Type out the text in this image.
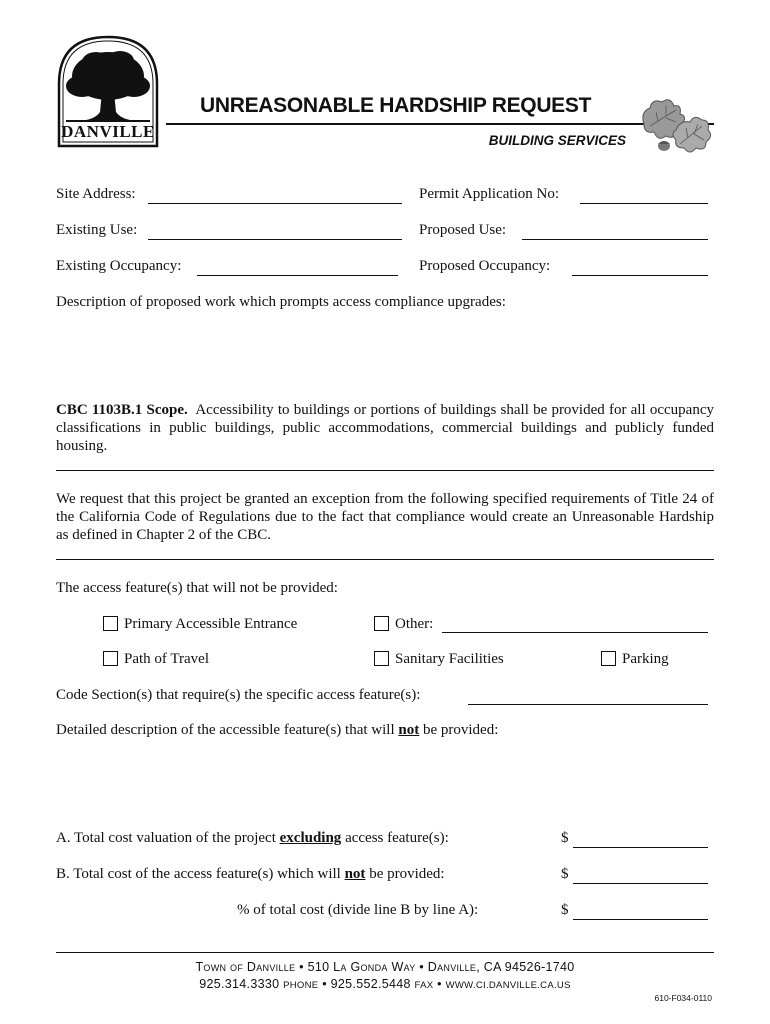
DANVILLE
UNREASONABLE HARDSHIP REQUEST
BUILDING SERVICES
Site Address:	Permit Application No:
Existing Use:	Proposed Use:
Existing Occupancy:	Proposed Occupancy:
Description of proposed work which prompts access compliance upgrades:
CBC 1103B.1 Scope. Accessibility to buildings or portions of buildings shall be provided for all occupancy classifications in public buildings, public accommodations, commercial buildings and publicly funded housing.
We request that this project be granted an exception from the following specified requirements of Title 24 of the California Code of Regulations due to the fact that compliance would create an Unreasonable Hardship as defined in Chapter 2 of the CBC.
The access feature(s) that will not be provided:
Primary Accessible Entrance	Other:
Path of Travel	Sanitary Facilities	Parking
Code Section(s) that require(s) the specific access feature(s):
Detailed description of the accessible feature(s) that will not be provided:
A. Total cost valuation of the project excluding access feature(s):	$
B. Total cost of the access feature(s) which will not be provided:	$
% of total cost (divide line B by line A):	$
Town of Danville • 510 La Gonda Way • Danville, CA 94526-1740
925.314.3330 PHONE • 925.552.5448 FAX • WWW.CI.DANVILLE.CA.US
610-F034-0110
